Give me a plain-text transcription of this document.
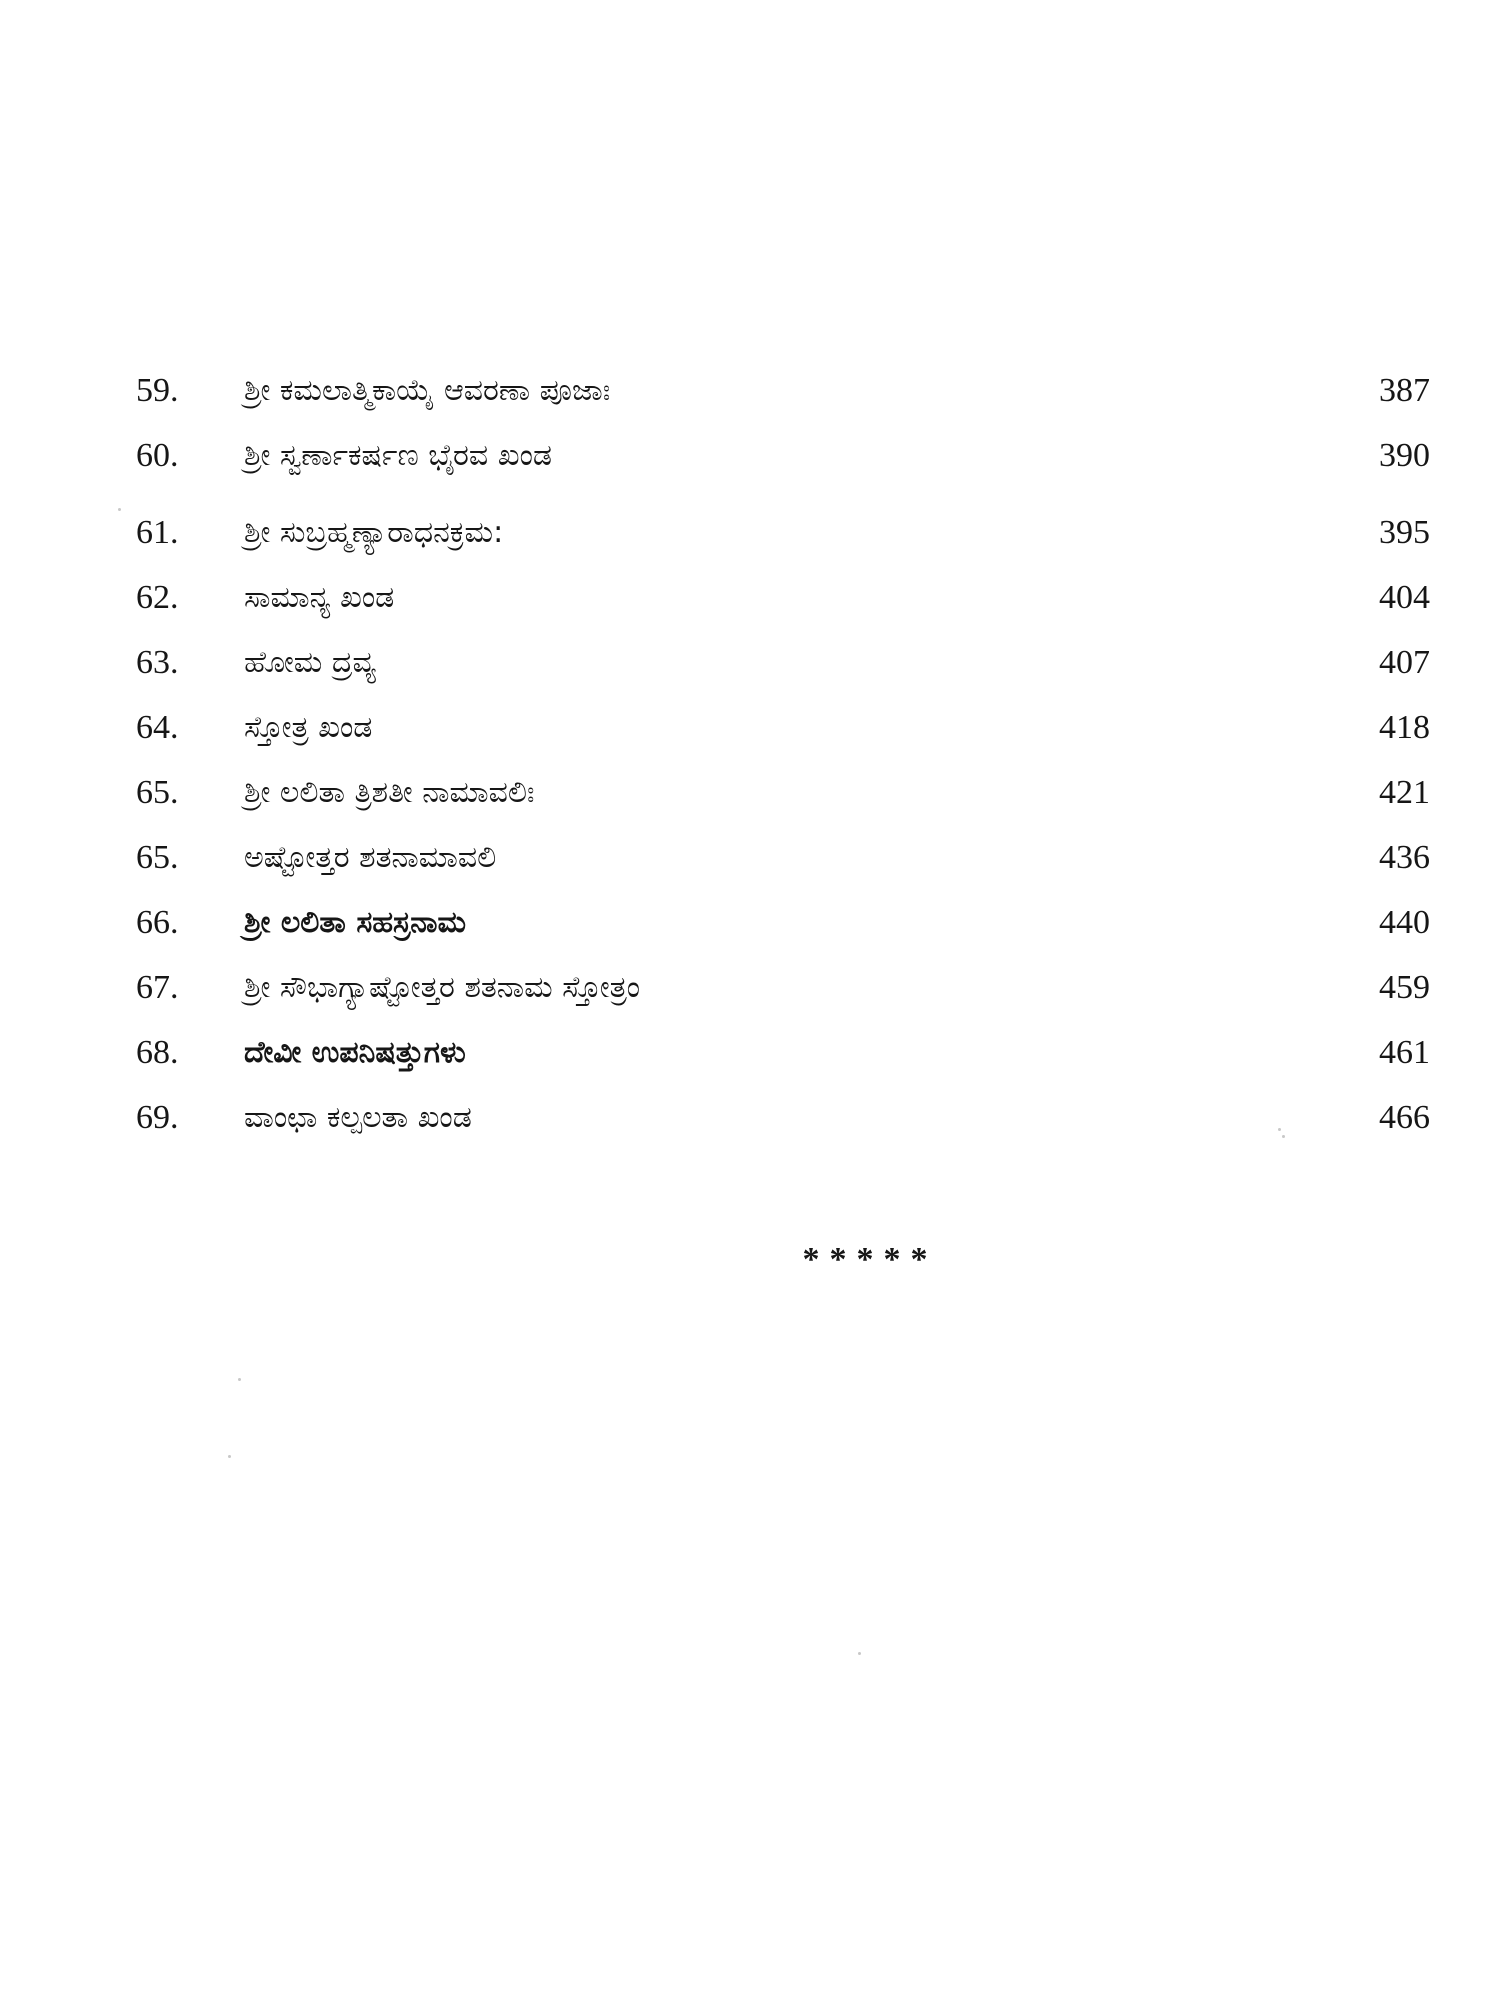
59.	ಶ್ರೀ ಕಮಲಾತ್ಮಿಕಾಯೈ ಆವರಣಾ ಪೂಜಾಃ	387
60.	ಶ್ರೀ ಸ್ವರ್ಣಾಕರ್ಷಣ ಭೈರವ ಖಂಡ	390
61.	ಶ್ರೀ ಸುಬ್ರಹ್ಮಣ್ಯಾರಾಧನಕ್ರಮ:	395
62.	ಸಾಮಾನ್ಯ ಖಂಡ	404
63.	ಹೋಮ ದ್ರವ್ಯ	407
64.	ಸ್ತೋತ್ರ ಖಂಡ	418
65.	ಶ್ರೀ ಲಲಿತಾ ತ್ರಿಶತೀ ನಾಮಾವಲಿಃ	421
65.	ಅಷ್ಟೋತ್ತರ ಶತನಾಮಾವಲಿ	436
66.	ಶ್ರೀ ಲಲಿತಾ ಸಹಸ್ರನಾಮ	440
67.	ಶ್ರೀ ಸೌಭಾಗ್ಯಾಷ್ಟೋತ್ತರ ಶತನಾಮ ಸ್ತೋತ್ರಂ	459
68.	ದೇವೀ ಉಪನಿಷತ್ತುಗಳು	461
69.	ವಾಂಛಾ ಕಲ್ಪಲತಾ ಖಂಡ	466
*****
